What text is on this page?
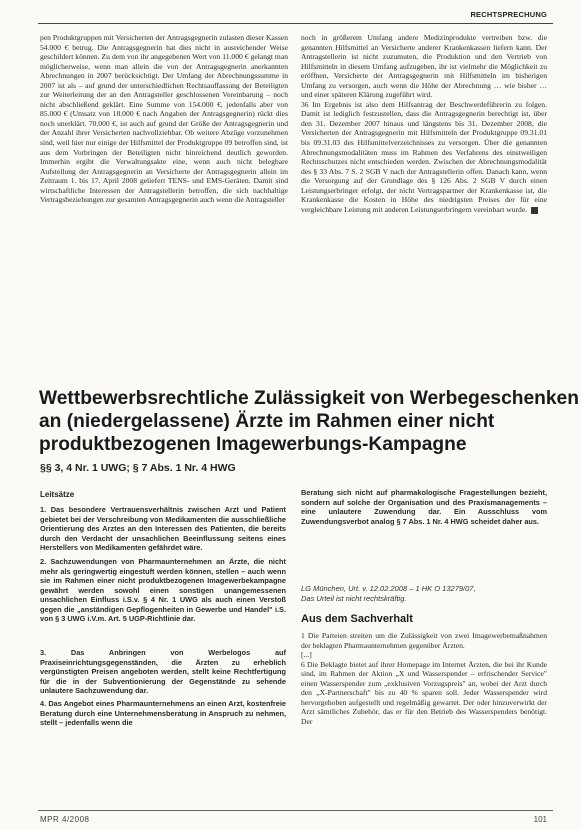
RECHTSPRECHUNG

pen Produktgruppen mit Versicherten der Antragsgegnerin zulasten dieser Kassen 54.000 € betrug. Die Antragsgegnerin hat dies nicht in ausreichender Weise geschildert können. Zu dem von ihr angegebenen Wert von 11.000 € gelangt man möglicherweise, wenn man allein die von der Antragsgegnerin anerkannten Abrechnungen in 2007 berücksichtigt. Der Umfang der Abrechnungssumme in 2007 ist als – auf grund der unterschiedlichen Rechtsauffassung der Beteiligten zur Weiterleitung der an den Antragsteller geschlossenen Vereinbarung – noch nicht abschließend geklärt. Eine Summe von 154.000 €, jedenfalls aber von 85.000 € (Umsatz von 18.000 € nach Angaben der Antragsgegnerin) rückt dies noch unerklärt. 70.000 €, ist auch auf grund der Größe der Antragsgegnerin und der Anzahl ihrer Versicherten nachvollziehbar. Ob weitere Abzüge vorzunehmen sind, weil hier nur einige der Hilfsmittel der Produktgruppe 09 betroffen sind, ist aus dem Vorbringen der Beteiligten nicht hinreichend deutlich geworden. Immerhin ergibt die Verwaltungsakte eine, wenn auch nicht belegbare Aufstellung der Antragsgegnerin an Versicherte der Antragsgegnerin allein im Zeitraum 1. bis 17. April 2008 geliefert TENS- und EMS-Geräten. Damit sind wirtschaftliche Interessen der Antragstellerin betroffen, die sich nachhaltige Vertragsbeziehungen zur gesamten Antragsgegnerin auch wenn die Antragsteller

noch in größerem Umfang andere Medizinprodukte vertreiben bzw. die genannten Hilfsmittel an Versicherte anderer Krankenkassen liefern kann. Der Antragstellerin ist nicht zuzumuten, die Produktion und den Vertrieb von Hilfsmitteln in diesem Umfang aufzugeben, ihr ist vielmehr die Möglichkeit zu eröffnen, Versicherte der Antragsgegnerin mit Hilfsmitteln im bisherigen Umfang zu versorgen, auch wenn die Höhe der Abrechnung … wie bisher … und einer späteren Klärung zugeführt wird.

36 Im Ergebnis ist also dem Hilfsantrag der Beschwerdeführerin zu folgen. Damit ist lediglich festzustellen, dass die Antragsgegnerin berechtigt ist, über den 31. Dezember 2007 hinaus und längstens bis 31. Dezember 2008, die Versicherten der Antragsgegnerin mit Hilfsmitteln der Produktgruppe 09.31.01 bis 09.31.03 des Hilfsmittelverzeichnisses zu versorgen. Über die genannten Abrechnungsmodalitäten muss im Rahmen des Verfahrens des einstweiligen Rechtsschutzes nicht entschieden werden. Zwischen der Abrechnungsmodalität des § 33 Abs. 7 S. 2 SGB V nach der Antragstellerin offen. Danach kann, wenn die Versorgung auf der Grundlage des § 126 Abs. 2 SGB V durch einen Leistungserbringer erfolgt, der nicht Vertragspartner der Krankenkasse ist, die Krankenkasse die Kosten in Höhe des niedrigsten Preises der für eine vergleichbare Leistung mit anderen Leistungserbringern vereinbart wurde.

Wettbewerbsrechtliche Zulässigkeit von Werbegeschenken
an (niedergelassene) Ärzte im Rahmen einer nicht
produktbezogenen Imagewerbungs-Kampagne
§§ 3, 4 Nr. 1 UWG; § 7 Abs. 1 Nr. 4 HWG
Leitsätze
1. Das besondere Vertrauensverhältnis zwischen Arzt und Patient gebietet bei der Verschreibung von Medikamenten die ausschließliche Orientierung des Arztes an den Interessen des Patienten, die bereits durch den Verdacht der unsachlichen Beeinflussung seitens eines Herstellers von Medikamenten gefährdet wäre.
2. Sachzuwendungen von Pharmaunternehmen an Ärzte, die nicht mehr als geringwertig eingestuft werden können, stellen – auch wenn sie im Rahmen einer nicht produktbezogenen Imagewerbekampagne gewährt werden sowohl einen sonstigen unangemessenen unsachlichen Einfluss i.S.v. § 4 Nr. 1 UWG als auch einen Verstoß gegen die „anständigen Gepflogenheiten in Gewerbe und Handel" i.S. von § 3 UWG i.V.m. Art. 5 UGP-Richtlinie dar.
3. Das Anbringen von Werbelogos auf Praxiseinrichtungsgegenständen, die Ärzten zu erheblich vergünstigten Preisen angeboten werden, stellt keine Rechtfertigung für die in der Subventionierung der Gegenstände zu sehende unlautere Sachzuwendung dar.
4. Das Angebot eines Pharmaunternehmens an einen Arzt, kostenfreie Beratung durch eine Unternehmensberatung in Anspruch zu nehmen, stellt – jedenfalls wenn die
Beratung sich nicht auf pharmakologische Fragestellungen bezieht, sondern auf solche der Organisation und des Praxismanagements – eine unlautere Zuwendung dar. Ein Ausschluss vom Zuwendungsverbot analog § 7 Abs. 1 Nr. 4 HWG scheidet daher aus.
LG München, Urt. v. 12.02.2008 – 1 HK O 13279/07,
Das Urteil ist nicht rechtskräftig.
Aus dem Sachverhalt

1 Die Parteien streiten um die Zulässigkeit von zwei Imagewerbemaßnahmen der beklagten Pharmaunternehmen gegenüber Ärzten.

[...]

6 Die Beklagte bietet auf ihrer Homepage im Internet Ärzten, die bei ihr Kunde sind, im Rahmen der Aktion „X und Wasserspender – erfrischender Service" einen Wasserspender zum „exklusiven Vorzugspreis" an, wobei der Arzt durch den „X-Partnerschaft" bis zu 40 % sparen soll. Jeder Wasserspender wird hervorgehoben aufgestellt und regelmäßig gewartet. Der oder hinzuverwirkt der Arzt sämtliches Zubehör, das er für den Betrieb des Wasserspenders benötigt. Der

MPR 4/2008	101
